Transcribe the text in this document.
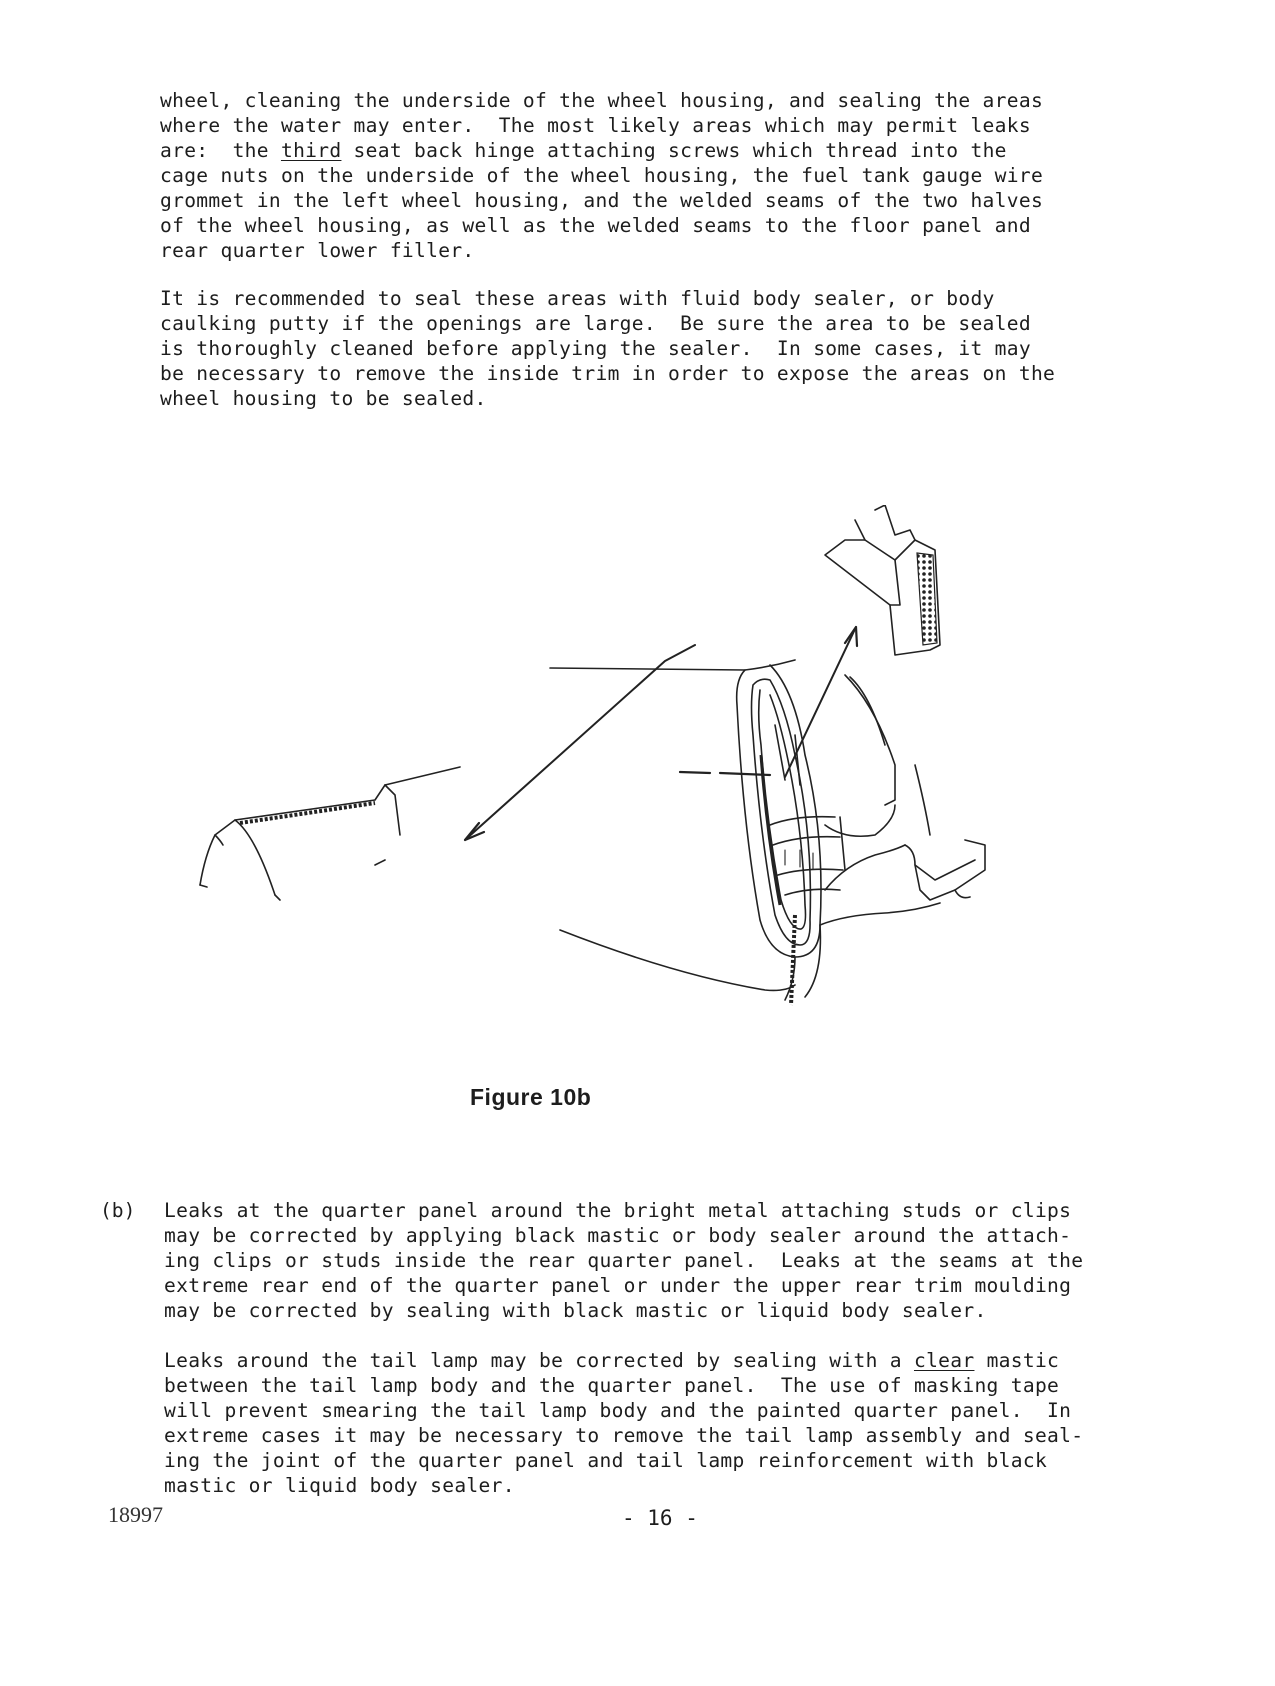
wheel, cleaning the underside of the wheel housing, and sealing the areas
where the water may enter.  The most likely areas which may permit leaks
are:  the third seat back hinge attaching screws which thread into the
cage nuts on the underside of the wheel housing, the fuel tank gauge wire
grommet in the left wheel housing, and the welded seams of the two halves
of the wheel housing, as well as the welded seams to the floor panel and
rear quarter lower filler.

It is recommended to seal these areas with fluid body sealer, or body
caulking putty if the openings are large.  Be sure the area to be sealed
is thoroughly cleaned before applying the sealer.  In some cases, it may
be necessary to remove the inside trim in order to expose the areas on the
wheel housing to be sealed.

Figure 10b

(b) Leaks at the quarter panel around the bright metal attaching studs or clips
may be corrected by applying black mastic or body sealer around the attach-
ing clips or studs inside the rear quarter panel.  Leaks at the seams at the
extreme rear end of the quarter panel or under the upper rear trim moulding
may be corrected by sealing with black mastic or liquid body sealer.

Leaks around the tail lamp may be corrected by sealing with a clear mastic
between the tail lamp body and the quarter panel.  The use of masking tape
will prevent smearing the tail lamp body and the painted quarter panel.  In
extreme cases it may be necessary to remove the tail lamp assembly and seal-
ing the joint of the quarter panel and tail lamp reinforcement with black
mastic or liquid body sealer.

18997	- 16 -
